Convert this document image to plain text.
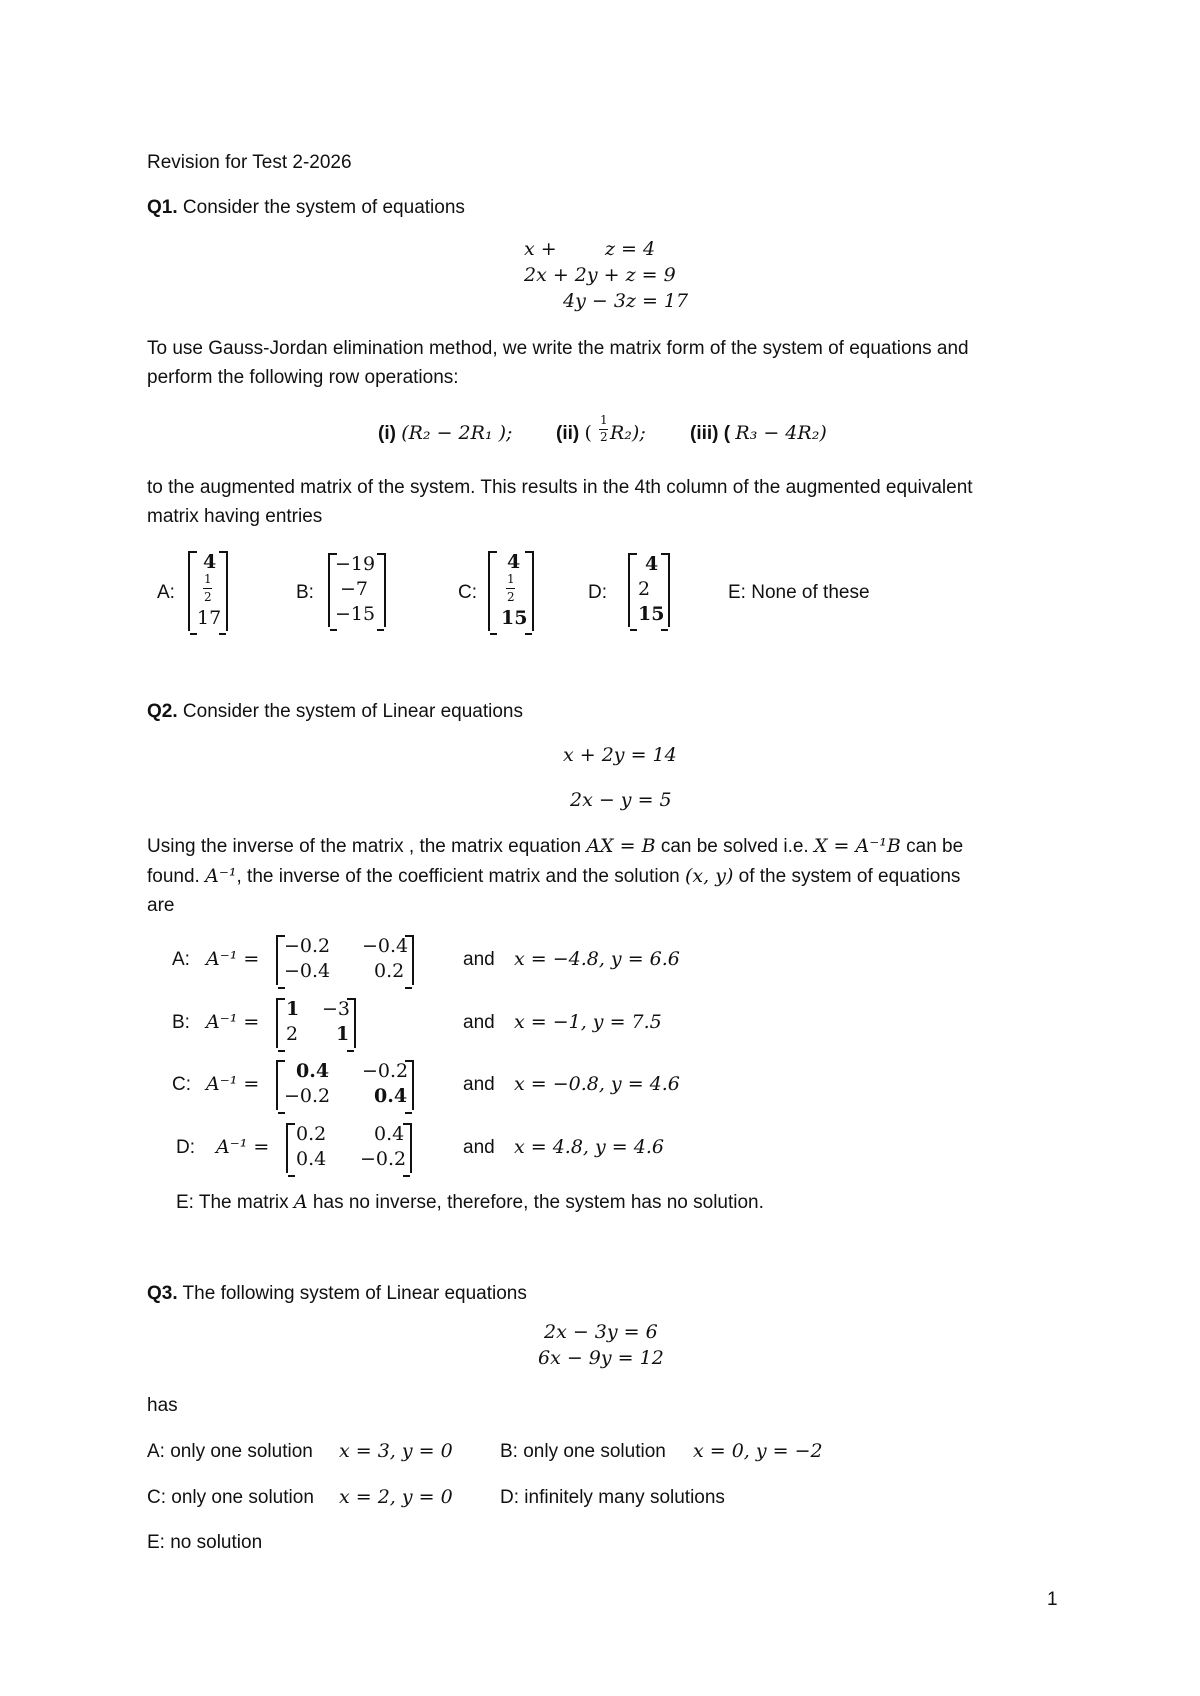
Revision for Test 2-2026
Q1. Consider the system of equations
x +	z = 4
2x + 2y + z = 9
4y − 3z = 17
To use Gauss-Jordan elimination method, we write the matrix form of the system of equations and
perform the following row operations:
(i) (R₂ − 2R₁ ); (ii) (
1
2 R₂); (iii) ( R₃ − 4R₂)
to the augmented matrix of the system. This results in the 4th column of the augmented equivalent
matrix having entries
A:
4
1
2
17
B:
−19
−7
−15
C:
4
1
2
15
D:
4
2
15
E: None of these
Q2. Consider the system of Linear equations
x + 2y = 14
2x − y = 5
Using the inverse of the matrix , the matrix equation AX = B can be solved i.e. X = A⁻¹B can be
found. A⁻¹, the inverse of the coefficient matrix and the solution (x, y) of the system of equations
are
A: A⁻¹ =
−0.2 −0.4
−0.4 0.2
and x = −4.8, y = 6.6
B: A⁻¹ =
1 −3
2 1
and x = −1, y = 7.5
C: A⁻¹ =
0.4 −0.2
−0.2 0.4
and x = −0.8, y = 4.6
D: A⁻¹ =
0.2	0.4
0.4 −0.2
and x = 4.8, y = 4.6
E: The matrix A has no inverse, therefore, the system has no solution.
Q3. The following system of Linear equations
2x − 3y = 6
6x − 9y = 12
has
A: only one solution x = 3, y = 0 B: only one solution x = 0, y = −2
C: only one solution x = 2, y = 0 D: infinitely many solutions
E: no solution
1
